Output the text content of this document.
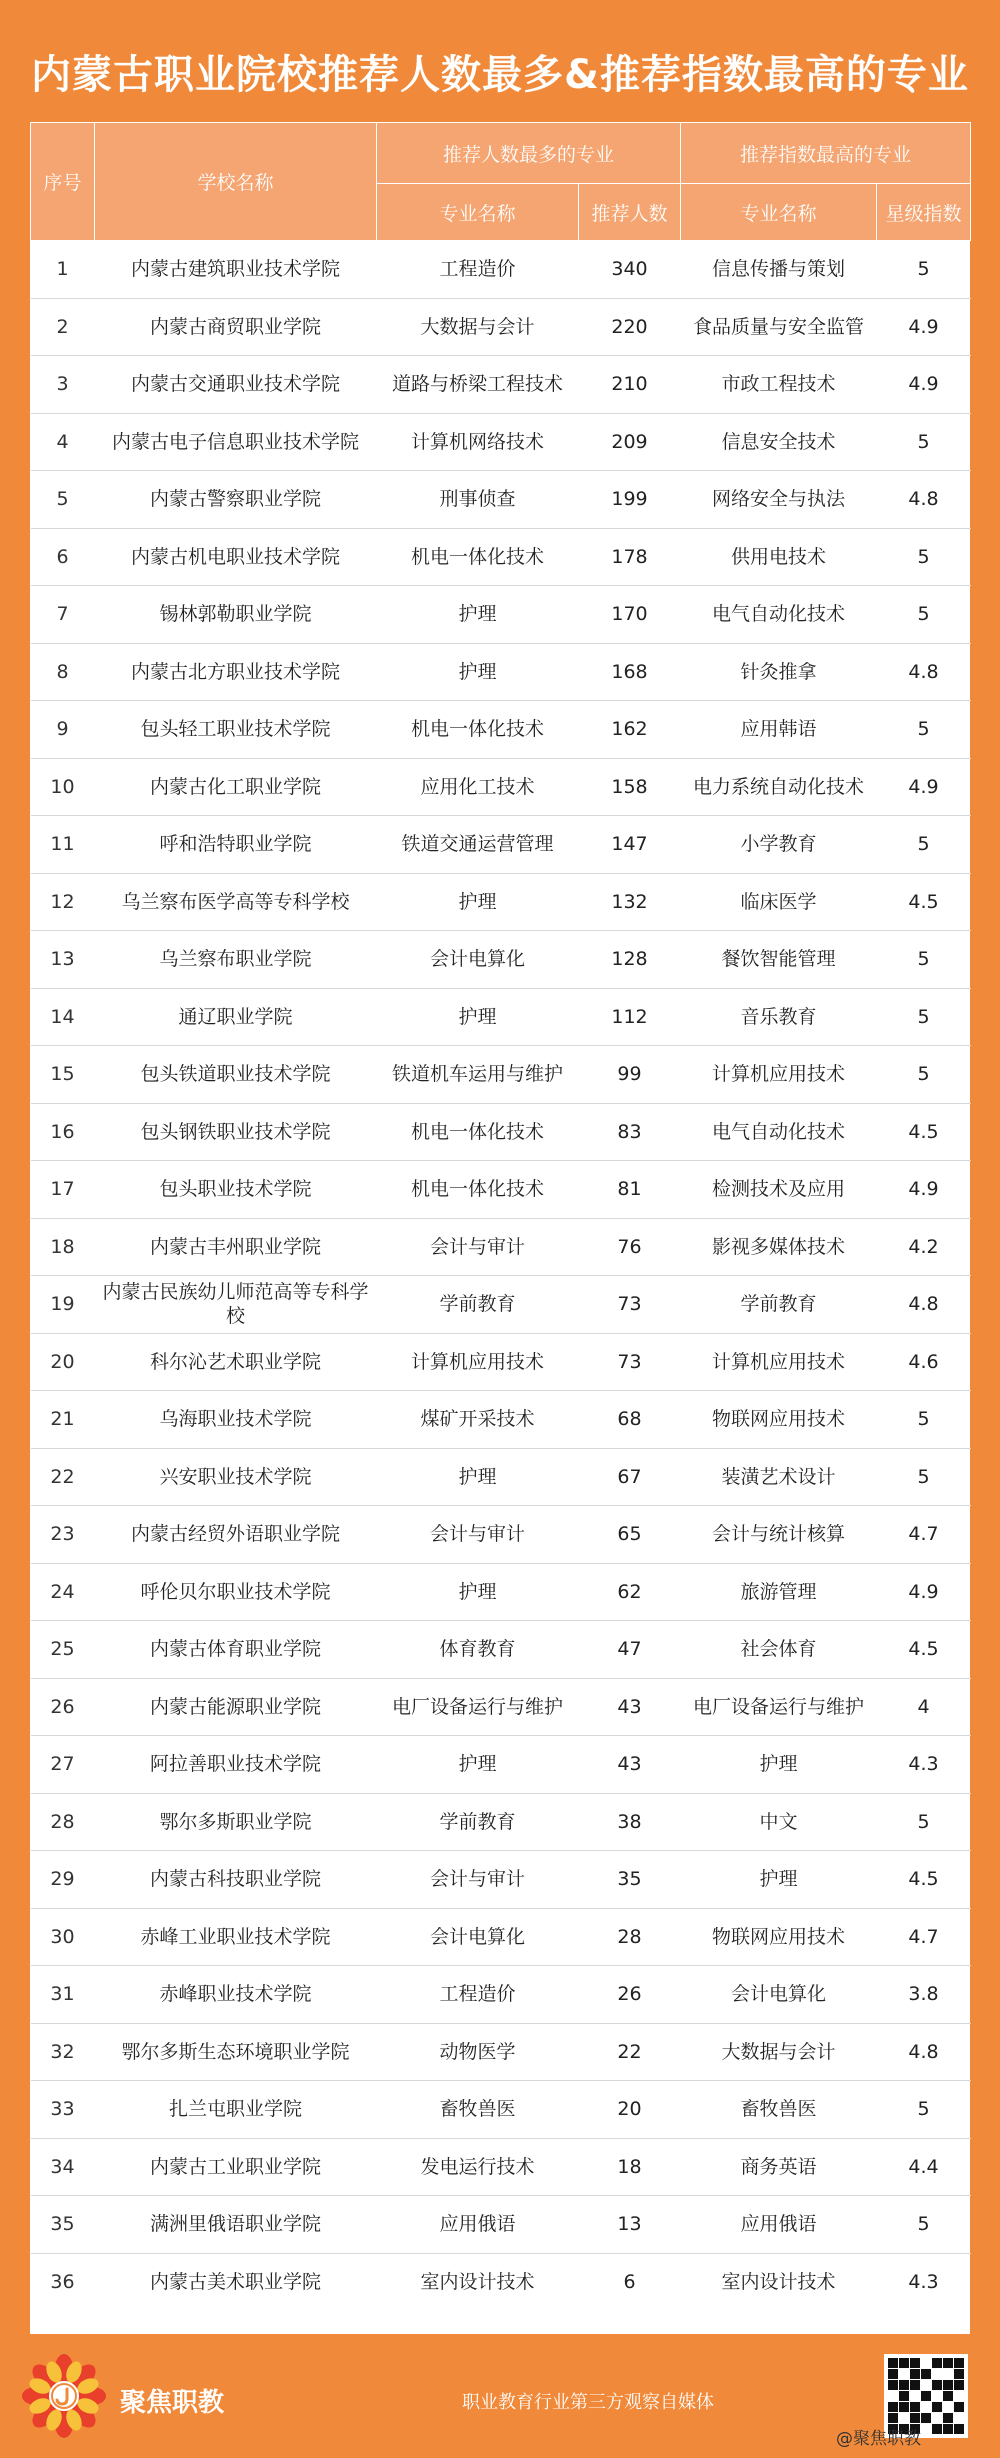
内蒙古职业院校推荐人数最多&推荐指数最高的专业
序号	学校名称	推荐人数最多的专业		推荐指数最高的专业	
		专业名称	推荐人数	专业名称	星级指数
1	内蒙古建筑职业技术学院	工程造价	340	信息传播与策划	5
2	内蒙古商贸职业学院	大数据与会计	220	食品质量与安全监管	4.9
3	内蒙古交通职业技术学院	道路与桥梁工程技术	210	市政工程技术	4.9
4	内蒙古电子信息职业技术学院	计算机网络技术	209	信息安全技术	5
5	内蒙古警察职业学院	刑事侦查	199	网络安全与执法	4.8
6	内蒙古机电职业技术学院	机电一体化技术	178	供用电技术	5
7	锡林郭勒职业学院	护理	170	电气自动化技术	5
8	内蒙古北方职业技术学院	护理	168	针灸推拿	4.8
9	包头轻工职业技术学院	机电一体化技术	162	应用韩语	5
10	内蒙古化工职业学院	应用化工技术	158	电力系统自动化技术	4.9
11	呼和浩特职业学院	铁道交通运营管理	147	小学教育	5
12	乌兰察布医学高等专科学校	护理	132	临床医学	4.5
13	乌兰察布职业学院	会计电算化	128	餐饮智能管理	5
14	通辽职业学院	护理	112	音乐教育	5
15	包头铁道职业技术学院	铁道机车运用与维护	99	计算机应用技术	5
16	包头钢铁职业技术学院	机电一体化技术	83	电气自动化技术	4.5
17	包头职业技术学院	机电一体化技术	81	检测技术及应用	4.9
18	内蒙古丰州职业学院	会计与审计	76	影视多媒体技术	4.2
19	内蒙古民族幼儿师范高等专科学校	学前教育	73	学前教育	4.8
20	科尔沁艺术职业学院	计算机应用技术	73	计算机应用技术	4.6
21	乌海职业技术学院	煤矿开采技术	68	物联网应用技术	5
22	兴安职业技术学院	护理	67	装潢艺术设计	5
23	内蒙古经贸外语职业学院	会计与审计	65	会计与统计核算	4.7
24	呼伦贝尔职业技术学院	护理	62	旅游管理	4.9
25	内蒙古体育职业学院	体育教育	47	社会体育	4.5
26	内蒙古能源职业学院	电厂设备运行与维护	43	电厂设备运行与维护	4
27	阿拉善职业技术学院	护理	43	护理	4.3
28	鄂尔多斯职业学院	学前教育	38	中文	5
29	内蒙古科技职业学院	会计与审计	35	护理	4.5
30	赤峰工业职业技术学院	会计电算化	28	物联网应用技术	4.7
31	赤峰职业技术学院	工程造价	26	会计电算化	3.8
32	鄂尔多斯生态环境职业学院	动物医学	22	大数据与会计	4.8
33	扎兰屯职业学院	畜牧兽医	20	畜牧兽医	5
34	内蒙古工业职业学院	发电运行技术	18	商务英语	4.4
35	满洲里俄语职业学院	应用俄语	13	应用俄语	5
36	内蒙古美术职业学院	室内设计技术	6	室内设计技术	4.3
聚焦职教	职业教育行业第三方观察自媒体
@聚焦职教
